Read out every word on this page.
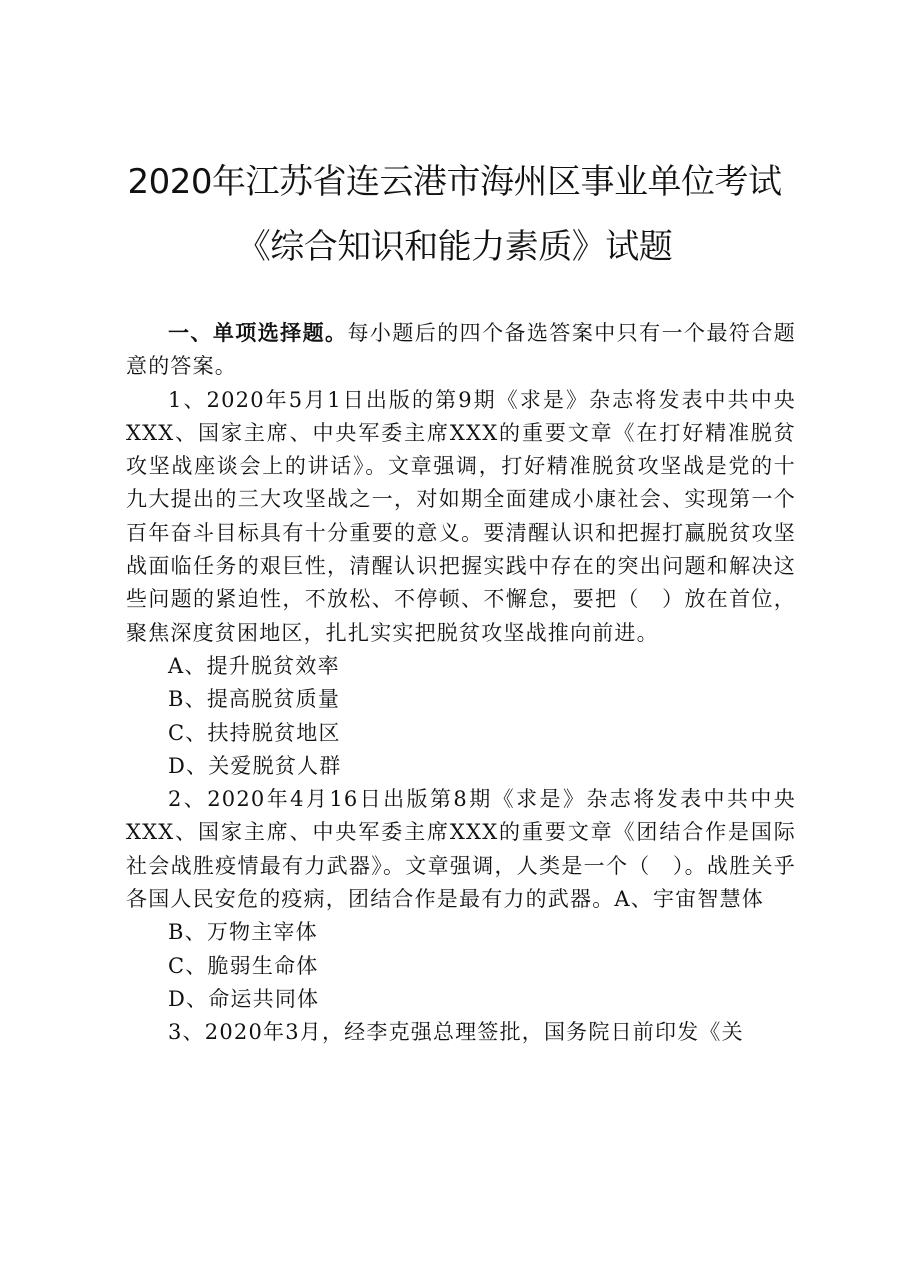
2020年江苏省连云港市海州区事业单位考试
《综合知识和能力素质》试题

一、单项选择题。每小题后的四个备选答案中只有一个最符合题意的答案。

1、2020年5月1日出版的第9期《求是》杂志将发表中共中央XXX、国家主席、中央军委主席XXX的重要文章《在打好精准脱贫攻坚战座谈会上的讲话》。文章强调，打好精准脱贫攻坚战是党的十九大提出的三大攻坚战之一，对如期全面建成小康社会、实现第一个百年奋斗目标具有十分重要的意义。要清醒认识和把握打赢脱贫攻坚战面临任务的艰巨性，清醒认识把握实践中存在的突出问题和解决这些问题的紧迫性，不放松、不停顿、不懈怠，要把（　）放在首位，聚焦深度贫困地区，扎扎实实把脱贫攻坚战推向前进。

A、提升脱贫效率

B、提高脱贫质量

C、扶持脱贫地区

D、关爱脱贫人群

2、2020年4月16日出版第8期《求是》杂志将发表中共中央XXX、国家主席、中央军委主席XXX的重要文章《团结合作是国际社会战胜疫情最有力武器》。文章强调，人类是一个（　）。战胜关乎各国人民安危的疫病，团结合作是最有力的武器。A、宇宙智慧体

B、万物主宰体

C、脆弱生命体

D、命运共同体

3、2020年3月，经李克强总理签批，国务院日前印发《关
